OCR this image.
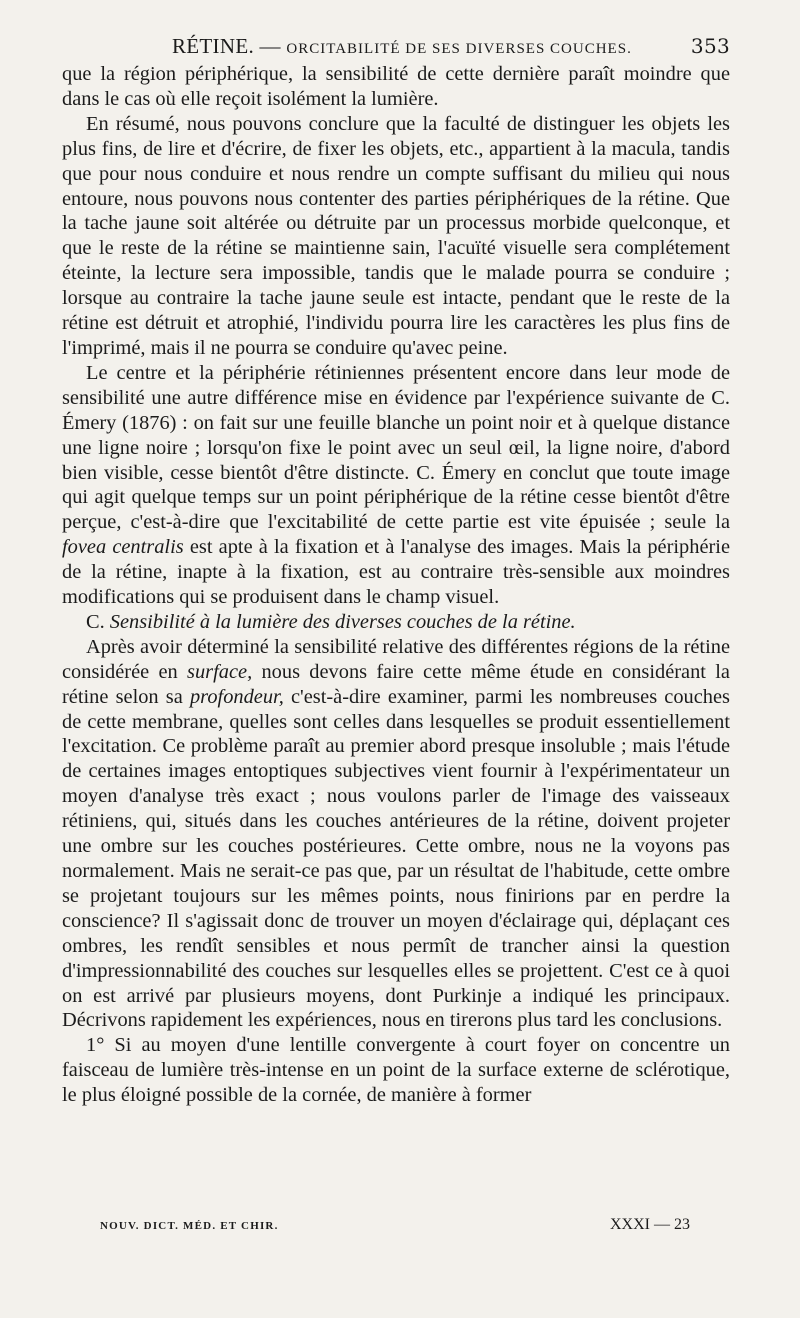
RÉTINE. — ORCITABILITÉ DE SES DIVERSES COUCHES.	353

que la région périphérique, la sensibilité de cette dernière paraît moindre que dans le cas où elle reçoit isolément la lumière.

En résumé, nous pouvons conclure que la faculté de distinguer les objets les plus fins, de lire et d'écrire, de fixer les objets, etc., appartient à la macula, tandis que pour nous conduire et nous rendre un compte suffisant du milieu qui nous entoure, nous pouvons nous contenter des parties périphériques de la rétine. Que la tache jaune soit altérée ou détruite par un processus morbide quelconque, et que le reste de la rétine se maintienne sain, l'acuïté visuelle sera complétement éteinte, la lecture sera impossible, tandis que le malade pourra se conduire ; lorsque au contraire la tache jaune seule est intacte, pendant que le reste de la rétine est détruit et atrophié, l'individu pourra lire les caractères les plus fins de l'imprimé, mais il ne pourra se conduire qu'avec peine.

Le centre et la périphérie rétiniennes présentent encore dans leur mode de sensibilité une autre différence mise en évidence par l'expérience suivante de C. Émery (1876) : on fait sur une feuille blanche un point noir et à quelque distance une ligne noire ; lorsqu'on fixe le point avec un seul œil, la ligne noire, d'abord bien visible, cesse bientôt d'être distincte. C. Émery en conclut que toute image qui agit quelque temps sur un point périphérique de la rétine cesse bientôt d'être perçue, c'est-à-dire que l'excitabilité de cette partie est vite épuisée ; seule la fovea centralis est apte à la fixation et à l'analyse des images. Mais la périphérie de la rétine, inapte à la fixation, est au contraire très-sensible aux moindres modifications qui se produisent dans le champ visuel.

C. Sensibilité à la lumière des diverses couches de la rétine.

Après avoir déterminé la sensibilité relative des différentes régions de la rétine considérée en surface, nous devons faire cette même étude en considérant la rétine selon sa profondeur, c'est-à-dire examiner, parmi les nombreuses couches de cette membrane, quelles sont celles dans lesquelles se produit essentiellement l'excitation. Ce problème paraît au premier abord presque insoluble ; mais l'étude de certaines images entoptiques subjectives vient fournir à l'expérimentateur un moyen d'analyse très exact ; nous voulons parler de l'image des vaisseaux rétiniens, qui, situés dans les couches antérieures de la rétine, doivent projeter une ombre sur les couches postérieures. Cette ombre, nous ne la voyons pas normalement. Mais ne serait-ce pas que, par un résultat de l'habitude, cette ombre se projetant toujours sur les mêmes points, nous finirions par en perdre la conscience? Il s'agissait donc de trouver un moyen d'éclairage qui, déplaçant ces ombres, les rendît sensibles et nous permît de trancher ainsi la question d'impressionnabilité des couches sur lesquelles elles se projettent. C'est ce à quoi on est arrivé par plusieurs moyens, dont Purkinje a indiqué les principaux. Décrivons rapidement les expériences, nous en tirerons plus tard les conclusions.

1° Si au moyen d'une lentille convergente à court foyer on concentre un faisceau de lumière très-intense en un point de la surface externe de sclérotique, le plus éloigné possible de la cornée, de manière à former

NOUV. DICT. MÉD. ET CHIR.	XXXI — 23
